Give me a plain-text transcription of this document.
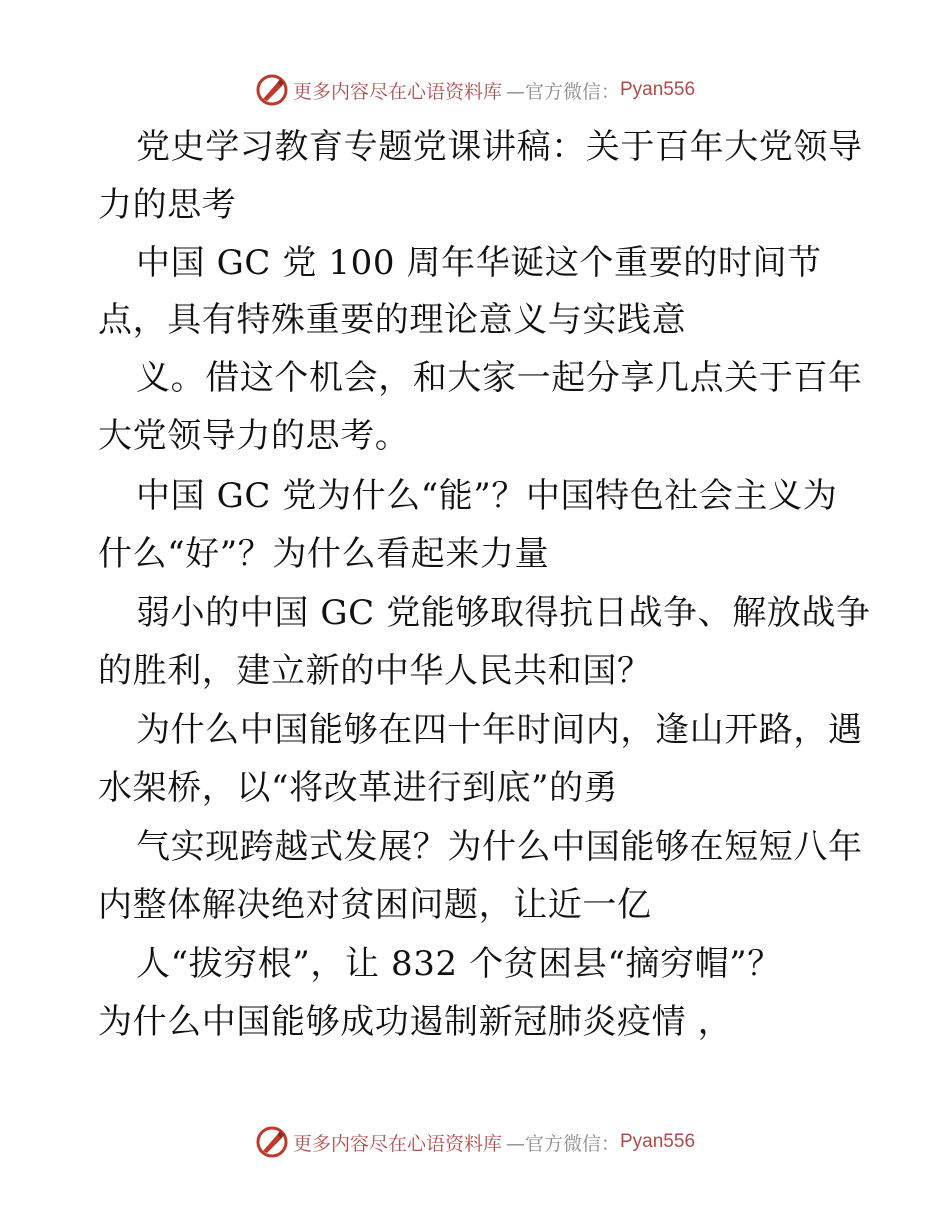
更多内容尽在心语资料库 —官方微信： Pyan556
党史学习教育专题党课讲稿：关于百年大党领导
力的思考
中国 GC 党 100 周年华诞这个重要的时间节
点，具有特殊重要的理论意义与实践意
义。借这个机会，和大家一起分享几点关于百年
大党领导力的思考。
中国 GC 党为什么“能”？中国特色社会主义为
什么“好”？为什么看起来力量
弱小的中国 GC 党能够取得抗日战争、解放战争
的胜利，建立新的中华人民共和国？
为什么中国能够在四十年时间内，逢山开路，遇
水架桥，以“将改革进行到底”的勇
气实现跨越式发展？为什么中国能够在短短八年
内整体解决绝对贫困问题，让近一亿
人“拔穷根”，让 832 个贫困县“摘穷帽”？
为什么中国能够成功遏制新冠肺炎疫情 ，
更多内容尽在心语资料库 —官方微信： Pyan556
